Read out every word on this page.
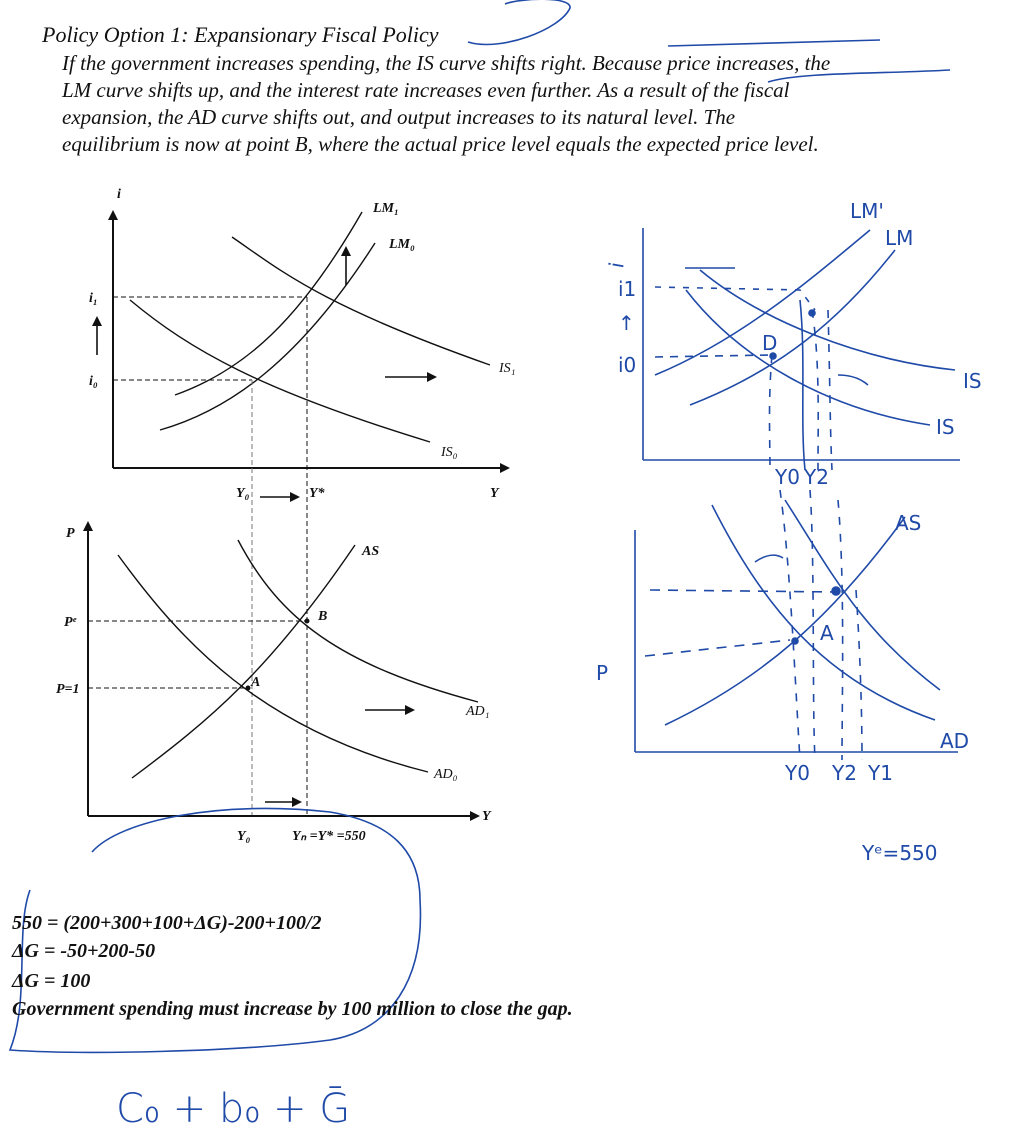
Policy Option 1: Expansionary Fiscal Policy
If the government increases spending, the IS curve shifts right. Because price increases, the
LM curve shifts up, and the interest rate increases even further. As a result of the fiscal
expansion, the AD curve shifts out, and output increases to its natural level. The
equilibrium is now at point B, where the actual price level equals the expected price level.
i
Y
LM₁
LM₀
IS₁
IS₀
i₁
i₀
Y₀	Y*
P
Y
AS
AD₁
AD₀
Pᵉ
P=1	A
B
Y₀	Yₙ =Y* =550
LM'
LM
i
i1
↑
i0
D
IS
IS
Y0 Y2
AS
P
A
AD
Y0 Y2 Y1
Yᵉ=550
C₀ + b₀ + Ḡ
550 = (200+300+100+ΔG)-200+100/2
ΔG = -50+200-50
ΔG = 100
Government spending must increase by 100 million to close the gap.
